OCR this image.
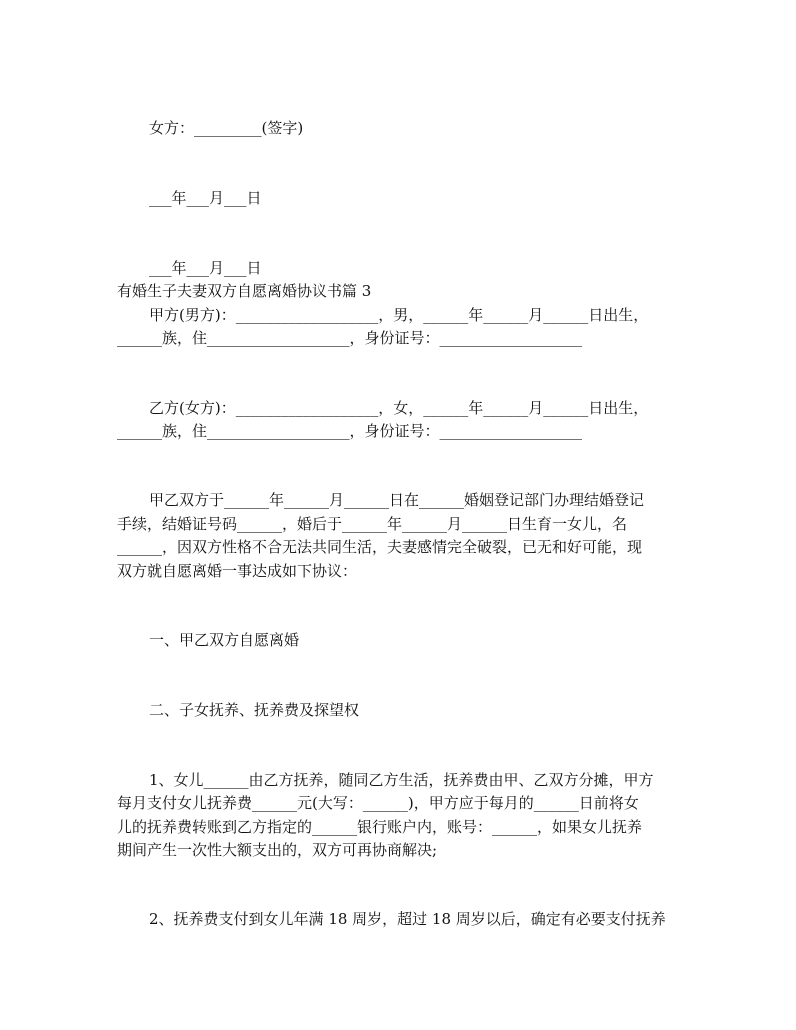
女方：_________(签字)
___年___月___日
___年___月___日
有婚生子夫妻双方自愿离婚协议书篇 3
甲方(男方)：___________________，男，______年______月______日出生，
______族，住___________________，身份证号：___________________
乙方(女方)：___________________，女，______年______月______日出生，
______族，住___________________，身份证号：___________________
甲乙双方于______年______月______日在______婚姻登记部门办理结婚登记
手续，结婚证号码______，婚后于______年______月______日生育一女儿，名
______，因双方性格不合无法共同生活，夫妻感情完全破裂，已无和好可能，现
双方就自愿离婚一事达成如下协议：
一、甲乙双方自愿离婚
二、子女抚养、抚养费及探望权
1、女儿______由乙方抚养，随同乙方生活，抚养费由甲、乙双方分摊，甲方
每月支付女儿抚养费______元(大写：______)，甲方应于每月的______日前将女
儿的抚养费转账到乙方指定的______银行账户内，账号：______，如果女儿抚养
期间产生一次性大额支出的，双方可再协商解决;
2、抚养费支付到女儿年满 18 周岁，超过 18 周岁以后，确定有必要支付抚养
